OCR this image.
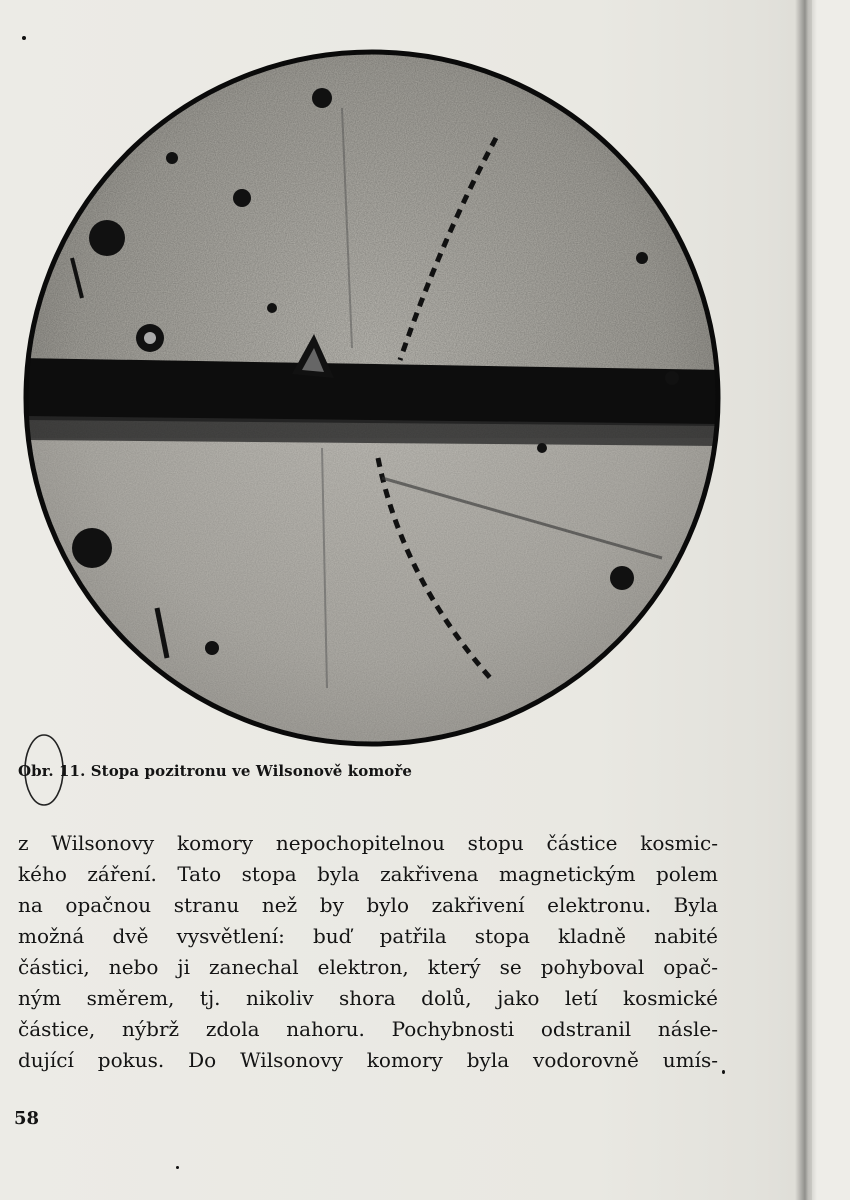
Obr. 11. Stopa pozitronu ve Wilsonově komoře
z Wilsonovy komory nepochopitelnou stopu částice kosmic-
kého záření. Tato stopa byla zakřivena magnetickým polem
na opačnou stranu než by bylo zakřivení elektronu. Byla
možná dvě vysvětlení: buď patřila stopa kladně nabité
částici, nebo ji zanechal elektron, který se pohyboval opač-
ným směrem, tj. nikoliv shora dolů, jako letí kosmické
částice, nýbrž zdola nahoru. Pochybnosti odstranil násle-
dující pokus. Do Wilsonovy komory byla vodorovně umís-
58
